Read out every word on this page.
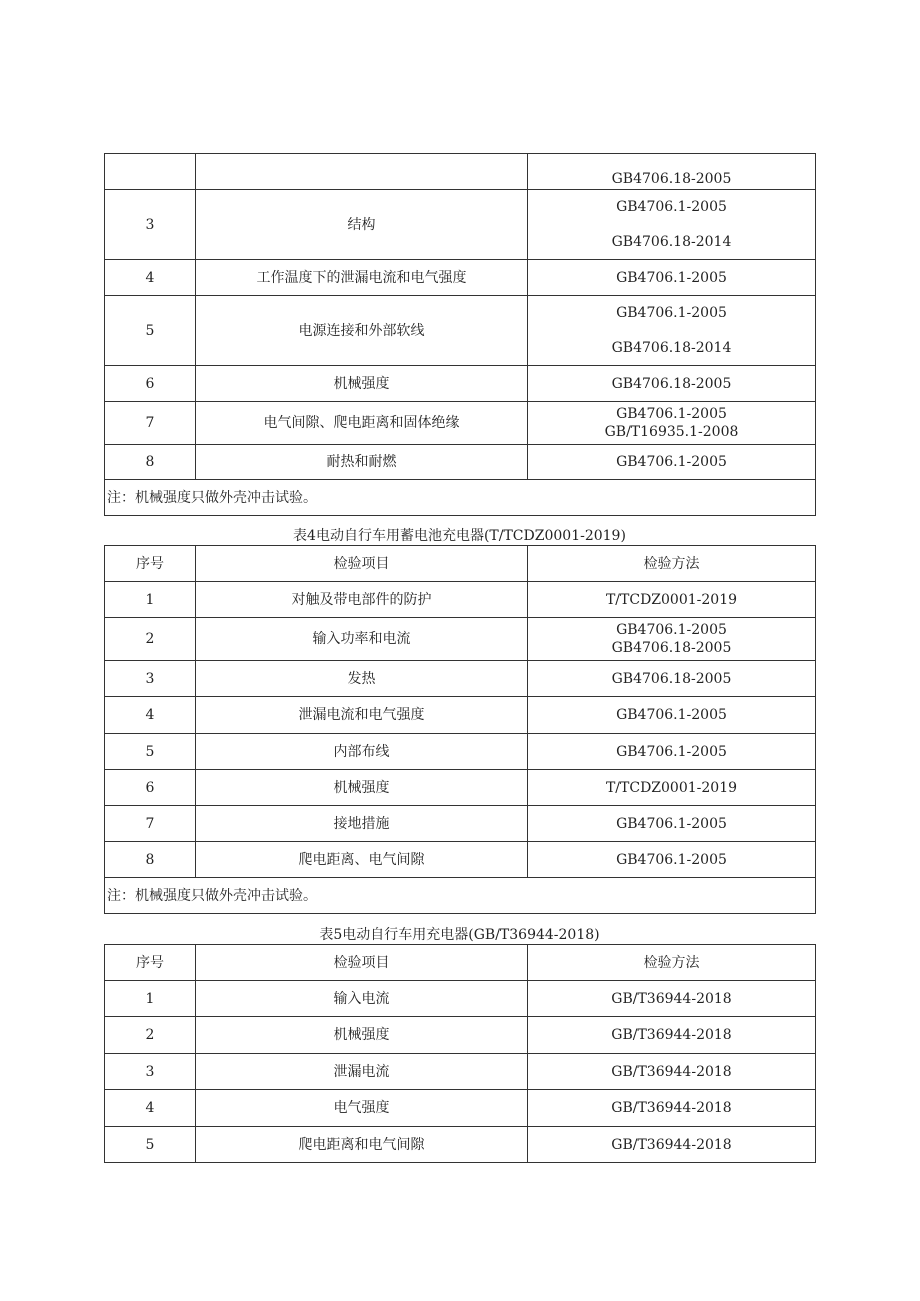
		GB4706.18-2005

3	结构	GB4706.1-2005
GB4706.18-2014

4	工作温度下的泄漏电流和电气强度	GB4706.1-2005

5	电源连接和外部软线	GB4706.1-2005
GB4706.18-2014

6	机械强度	GB4706.18-2005

7	电气间隙、爬电距离和固体绝缘	GB4706.1-2005
GB/T16935.1-2008

8	耐热和耐燃	GB4706.1-2005

注：机械强度只做外壳冲击试验。		
表4电动自行车用蓄电池充电器(T/TCDZ0001-2019)
序号	检验项目	检验方法
1	对触及带电部件的防护	T/TCDZ0001-2019

2	输入功率和电流	GB4706.1-2005
GB4706.18-2005

3	发热	GB4706.18-2005

4	泄漏电流和电气强度	GB4706.1-2005

5	内部布线	GB4706.1-2005

6	机械强度	T/TCDZ0001-2019

7	接地措施	GB4706.1-2005

8	爬电距离、电气间隙	GB4706.1-2005

注：机械强度只做外壳冲击试验。		
表5电动自行车用充电器(GB/T36944-2018)
序号	检验项目	检验方法
1	输入电流	GB/T36944-2018

2	机械强度	GB/T36944-2018

3	泄漏电流	GB/T36944-2018

4	电气强度	GB/T36944-2018

5	爬电距离和电气间隙	GB/T36944-2018
